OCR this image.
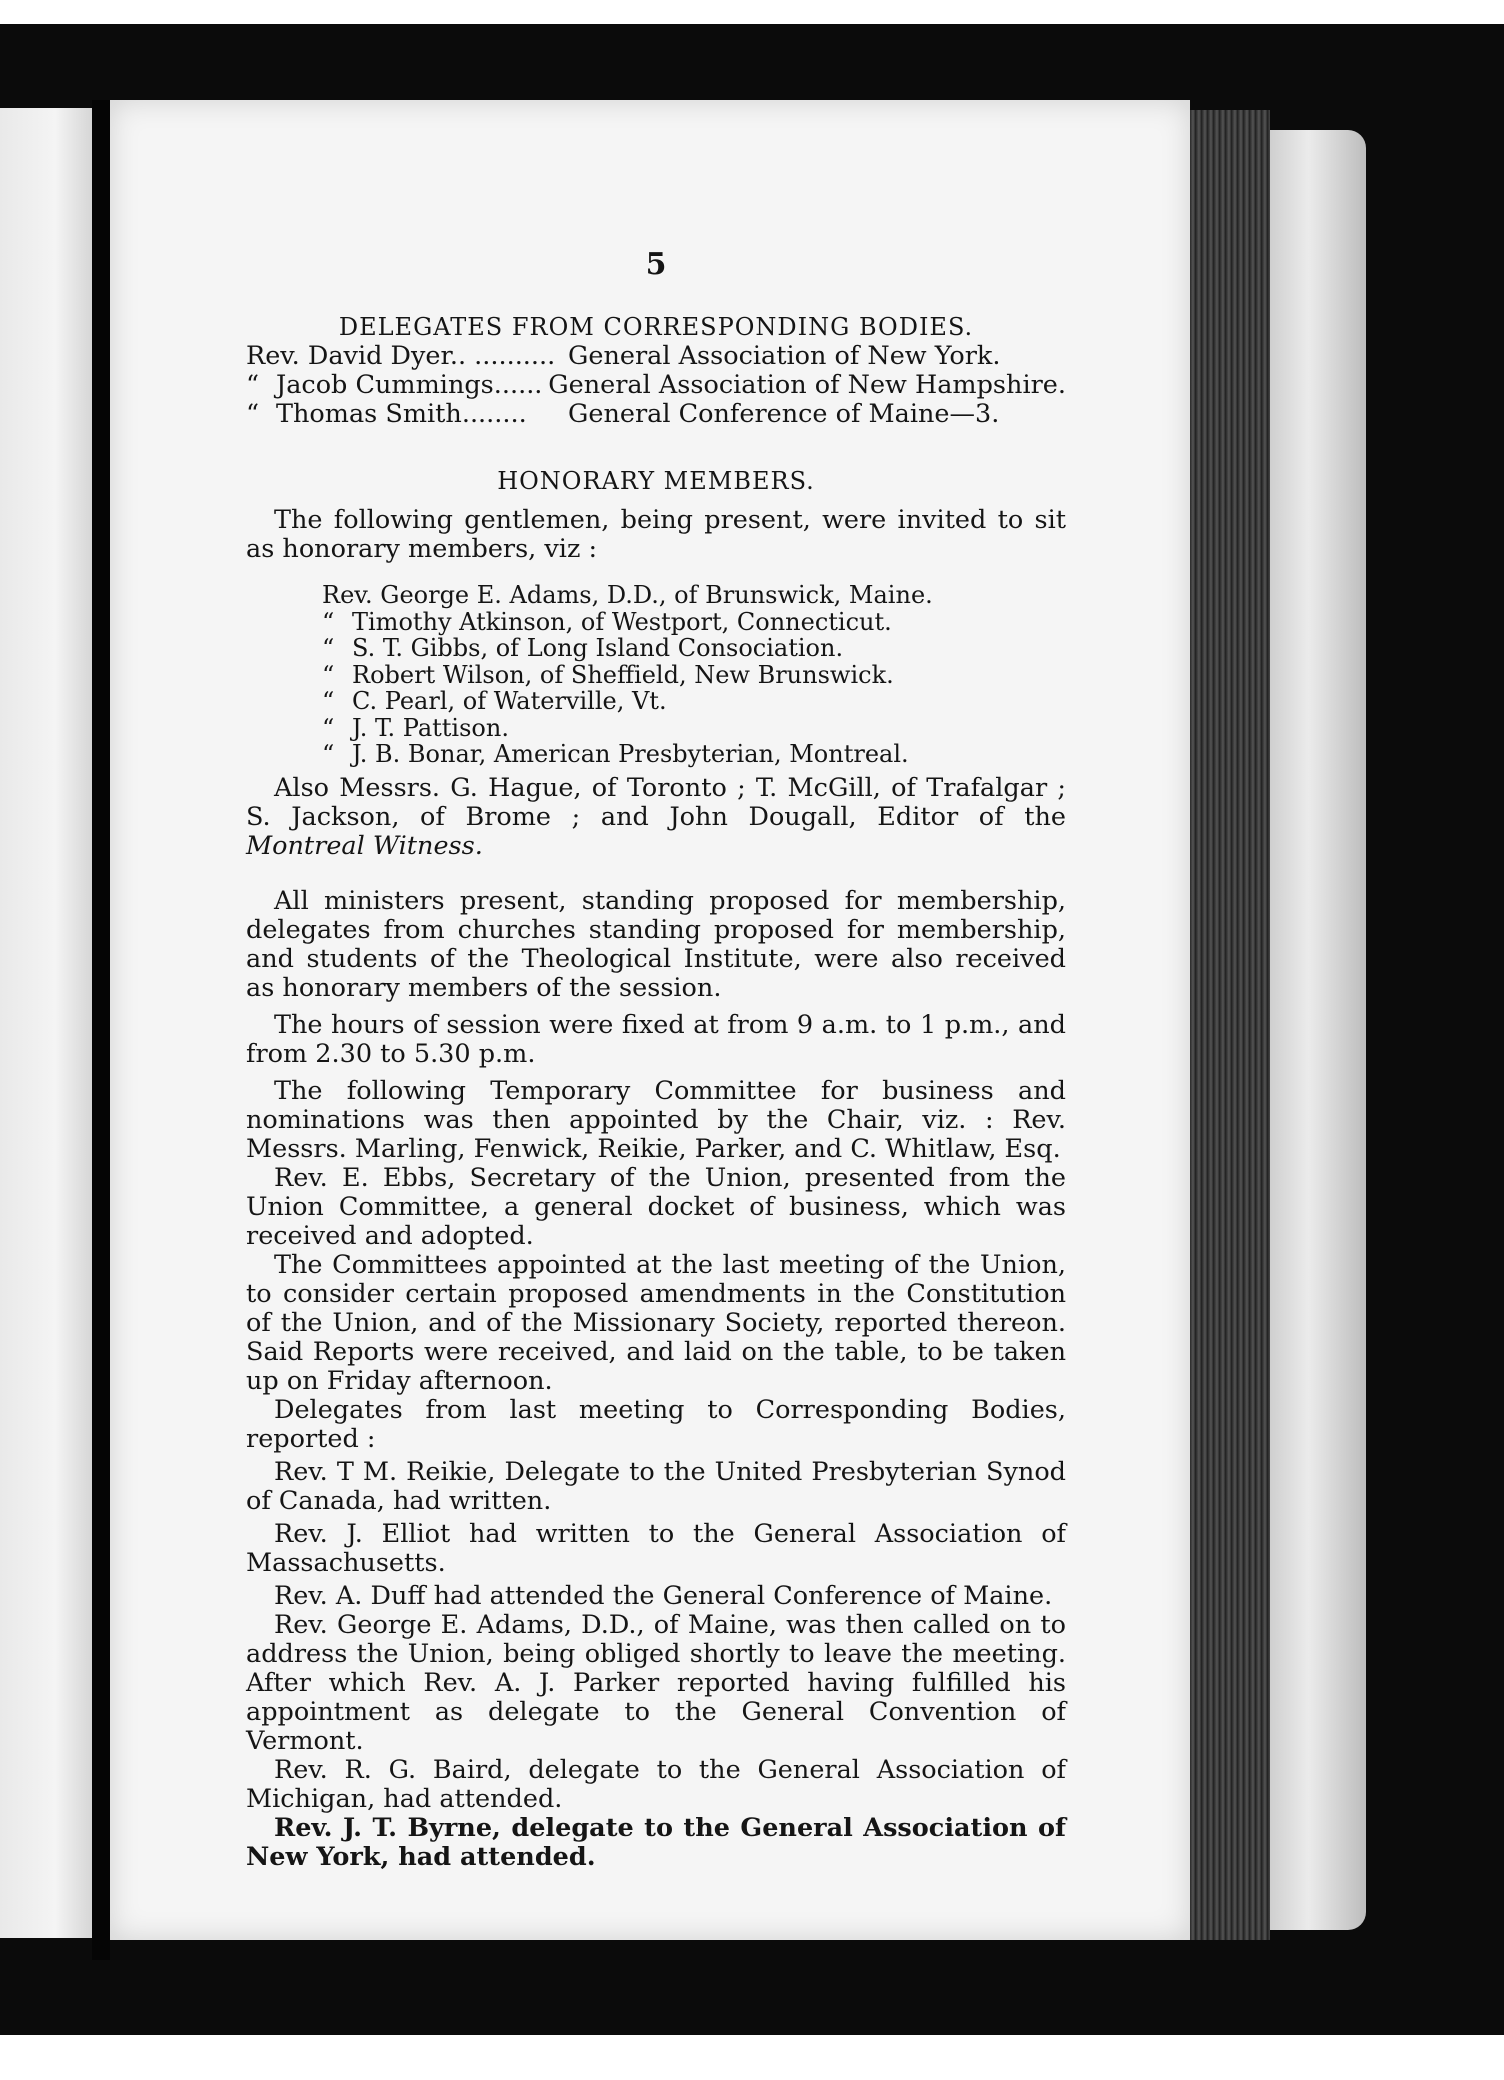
5
DELEGATES FROM CORRESPONDING BODIES.
Rev. David Dyer.. .......... General Association of New York.
“ Jacob Cummings...... General Association of New Hampshire.
“ Thomas Smith........	General Conference of Maine—3.
HONORARY MEMBERS.

The following gentlemen, being present, were invited to sit as honorary members, viz :

Rev. George E. Adams, D.D., of Brunswick, Maine.
“ Timothy Atkinson, of Westport, Connecticut.
“ S. T. Gibbs, of Long Island Consociation.
“ Robert Wilson, of Sheffield, New Brunswick.
“ C. Pearl, of Waterville, Vt.
“ J. T. Pattison.
“ J. B. Bonar, American Presbyterian, Montreal.

Also Messrs. G. Hague, of Toronto ; T. McGill, of Trafalgar ; S. Jackson, of Brome ; and John Dougall, Editor of the Montreal Witness.

All ministers present, standing proposed for membership, delegates from churches standing proposed for membership, and students of the Theological Institute, were also received as honorary members of the session.

The hours of session were fixed at from 9 a.m. to 1 p.m., and from 2.30 to 5.30 p.m.

The following Temporary Committee for business and nominations was then appointed by the Chair, viz. : Rev. Messrs. Marling, Fenwick, Reikie, Parker, and C. Whitlaw, Esq.

Rev. E. Ebbs, Secretary of the Union, presented from the Union Committee, a general docket of business, which was received and adopted.

The Committees appointed at the last meeting of the Union, to consider certain proposed amendments in the Constitution of the Union, and of the Missionary Society, reported thereon. Said Reports were received, and laid on the table, to be taken up on Friday afternoon.

Delegates from last meeting to Corresponding Bodies, reported :

Rev. T M. Reikie, Delegate to the United Presbyterian Synod of Canada, had written.

Rev. J. Elliot had written to the General Association of Massachusetts.

Rev. A. Duff had attended the General Conference of Maine.

Rev. George E. Adams, D.D., of Maine, was then called on to address the Union, being obliged shortly to leave the meeting. After which Rev. A. J. Parker reported having fulfilled his appointment as delegate to the General Convention of Vermont.

Rev. R. G. Baird, delegate to the General Association of Michigan, had attended.

Rev. J. T. Byrne, delegate to the General Association of New York, had attended.
